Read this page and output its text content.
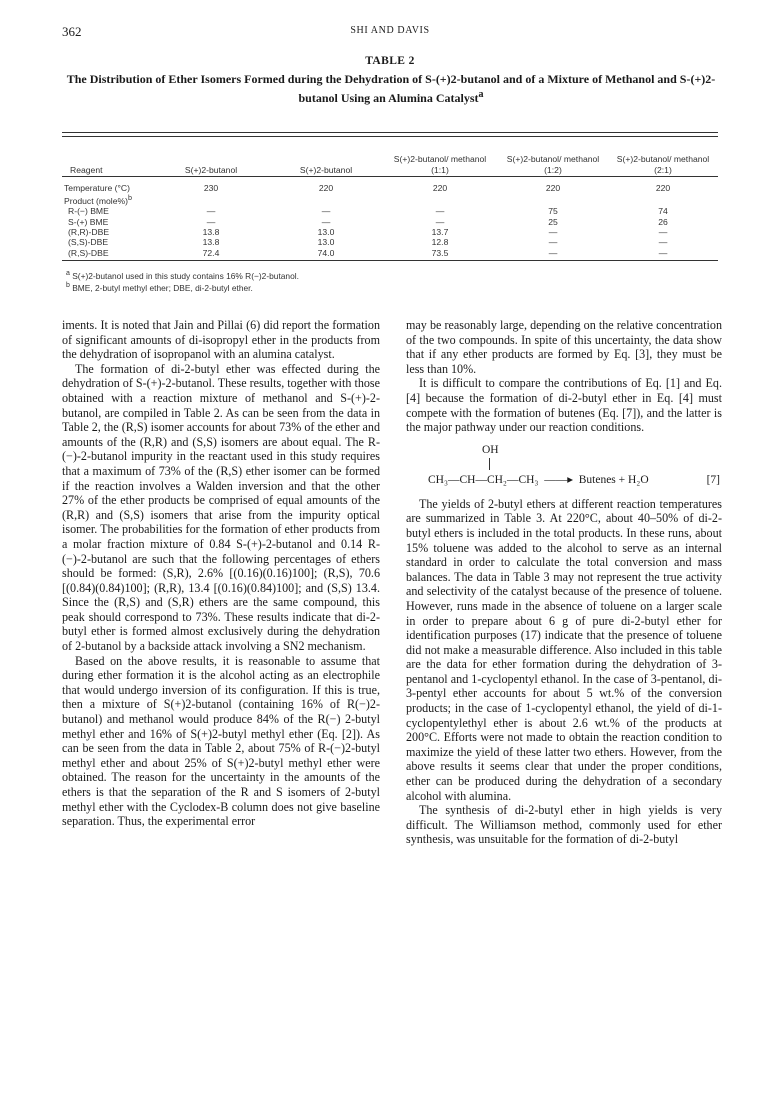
362	SHI AND DAVIS
TABLE 2
The Distribution of Ether Isomers Formed during the Dehydration of S-(+)2-butanol and of a Mixture of Methanol and S-(+)2-butanol Using an Alumina Catalyst$^a$
Reagent	S(+)2-butanol	S(+)2-butanol	S(+)2-butanol/ methanol (1:1)	S(+)2-butanol/ methanol (1:2)	S(+)2-butanol/ methanol (2:1)
Temperature (°C)	230	220	220	220	220
Product (mole%)$^b$					
R-(−) BME	—	—	—	75	74
S-(+) BME	—	—	—	25	26
(R,R)-DBE	13.8	13.0	13.7	—	—
(S,S)-DBE	13.8	13.0	12.8	—	—
(R,S)-DBE	72.4	74.0	73.5	—	—
$^a$ S(+)2-butanol used in this study contains 16% R(−)2-butanol.
$^b$ BME, 2-butyl methyl ether; DBE, di-2-butyl ether.

iments. It is noted that Jain and Pillai (6) did report the formation of significant amounts of di-isopropyl ether in the products from the dehydration of isopropanol with an alumina catalyst.

The formation of di-2-butyl ether was effected during the dehydration of S-(+)-2-butanol. These results, together with those obtained with a reaction mixture of methanol and S-(+)-2-butanol, are compiled in Table 2. As can be seen from the data in Table 2, the (R,S) isomer accounts for about 73% of the ether and amounts of the (R,R) and (S,S) isomers are about equal. The R-(−)-2-butanol impurity in the reactant used in this study requires that a maximum of 73% of the (R,S) ether isomer can be formed if the reaction involves a Walden inversion and that the other 27% of the ether products be comprised of equal amounts of the (R,R) and (S,S) isomers that arise from the impurity optical isomer. The probabilities for the formation of ether products from a molar fraction mixture of 0.84 S-(+)-2-butanol and 0.14 R-(−)-2-butanol are such that the following percentages of ethers should be formed: (S,R), 2.6% [(0.16)(0.16)100]; (R,S), 70.6 [(0.84)(0.84)100]; (R,R), 13.4 [(0.16)(0.84)100]; and (S,S) 13.4. Since the (R,S) and (S,R) ethers are the same compound, this peak should correspond to 73%. These results indicate that di-2-butyl ether is formed almost exclusively during the dehydration of 2-butanol by a backside attack involving a SN2 mechanism.

Based on the above results, it is reasonable to assume that during ether formation it is the alcohol acting as an electrophile that would undergo inversion of its configuration. If this is true, then a mixture of S(+)2-butanol (containing 16% of R(−)2-butanol) and methanol would produce 84% of the R(−) 2-butyl methyl ether and 16% of S(+)2-butyl methyl ether (Eq. [2]). As can be seen from the data in Table 2, about 75% of R-(−)2-butyl methyl ether and about 25% of S(+)2-butyl methyl ether were obtained. The reason for the uncertainty in the amounts of the ethers is that the separation of the R and S isomers of 2-butyl methyl ether with the Cyclodex-B column does not give baseline separation. Thus, the experimental error

may be reasonably large, depending on the relative concentration of the two compounds. In spite of this uncertainty, the data show that if any ether products are formed by Eq. [3], they must be less than 10%.

It is difficult to compare the contributions of Eq. [1] and Eq. [4] because the formation of di-2-butyl ether in Eq. [4] must compete with the formation of butenes (Eq. [7]), and the latter is the major pathway under our reaction conditions.

OH
CH₃—CH—CH₂—CH₃ ——▸ Butenes + H₂O	[7]

The yields of 2-butyl ethers at different reaction temperatures are summarized in Table 3. At 220°C, about 40–50% of di-2-butyl ethers is included in the total products. In these runs, about 15% toluene was added to the alcohol to serve as an internal standard in order to calculate the total conversion and mass balances. The data in Table 3 may not represent the true activity and selectivity of the catalyst because of the presence of toluene. However, runs made in the absence of toluene on a larger scale in order to prepare about 6 g of pure di-2-butyl ether for identification purposes (17) indicate that the presence of toluene did not make a measurable difference. Also included in this table are the data for ether formation during the dehydration of 3-pentanol and 1-cyclopentyl ethanol. In the case of 3-pentanol, di-3-pentyl ether accounts for about 5 wt.% of the conversion products; in the case of 1-cyclopentyl ethanol, the yield of di-1-cyclopentylethyl ether is about 2.6 wt.% of the products at 200°C. Efforts were not made to obtain the reaction condition to maximize the yield of these latter two ethers. However, from the above results it seems clear that under the proper conditions, ether can be produced during the dehydration of a secondary alcohol with alumina.

The synthesis of di-2-butyl ether in high yields is very difficult. The Williamson method, commonly used for ether synthesis, was unsuitable for the formation of di-2-butyl
